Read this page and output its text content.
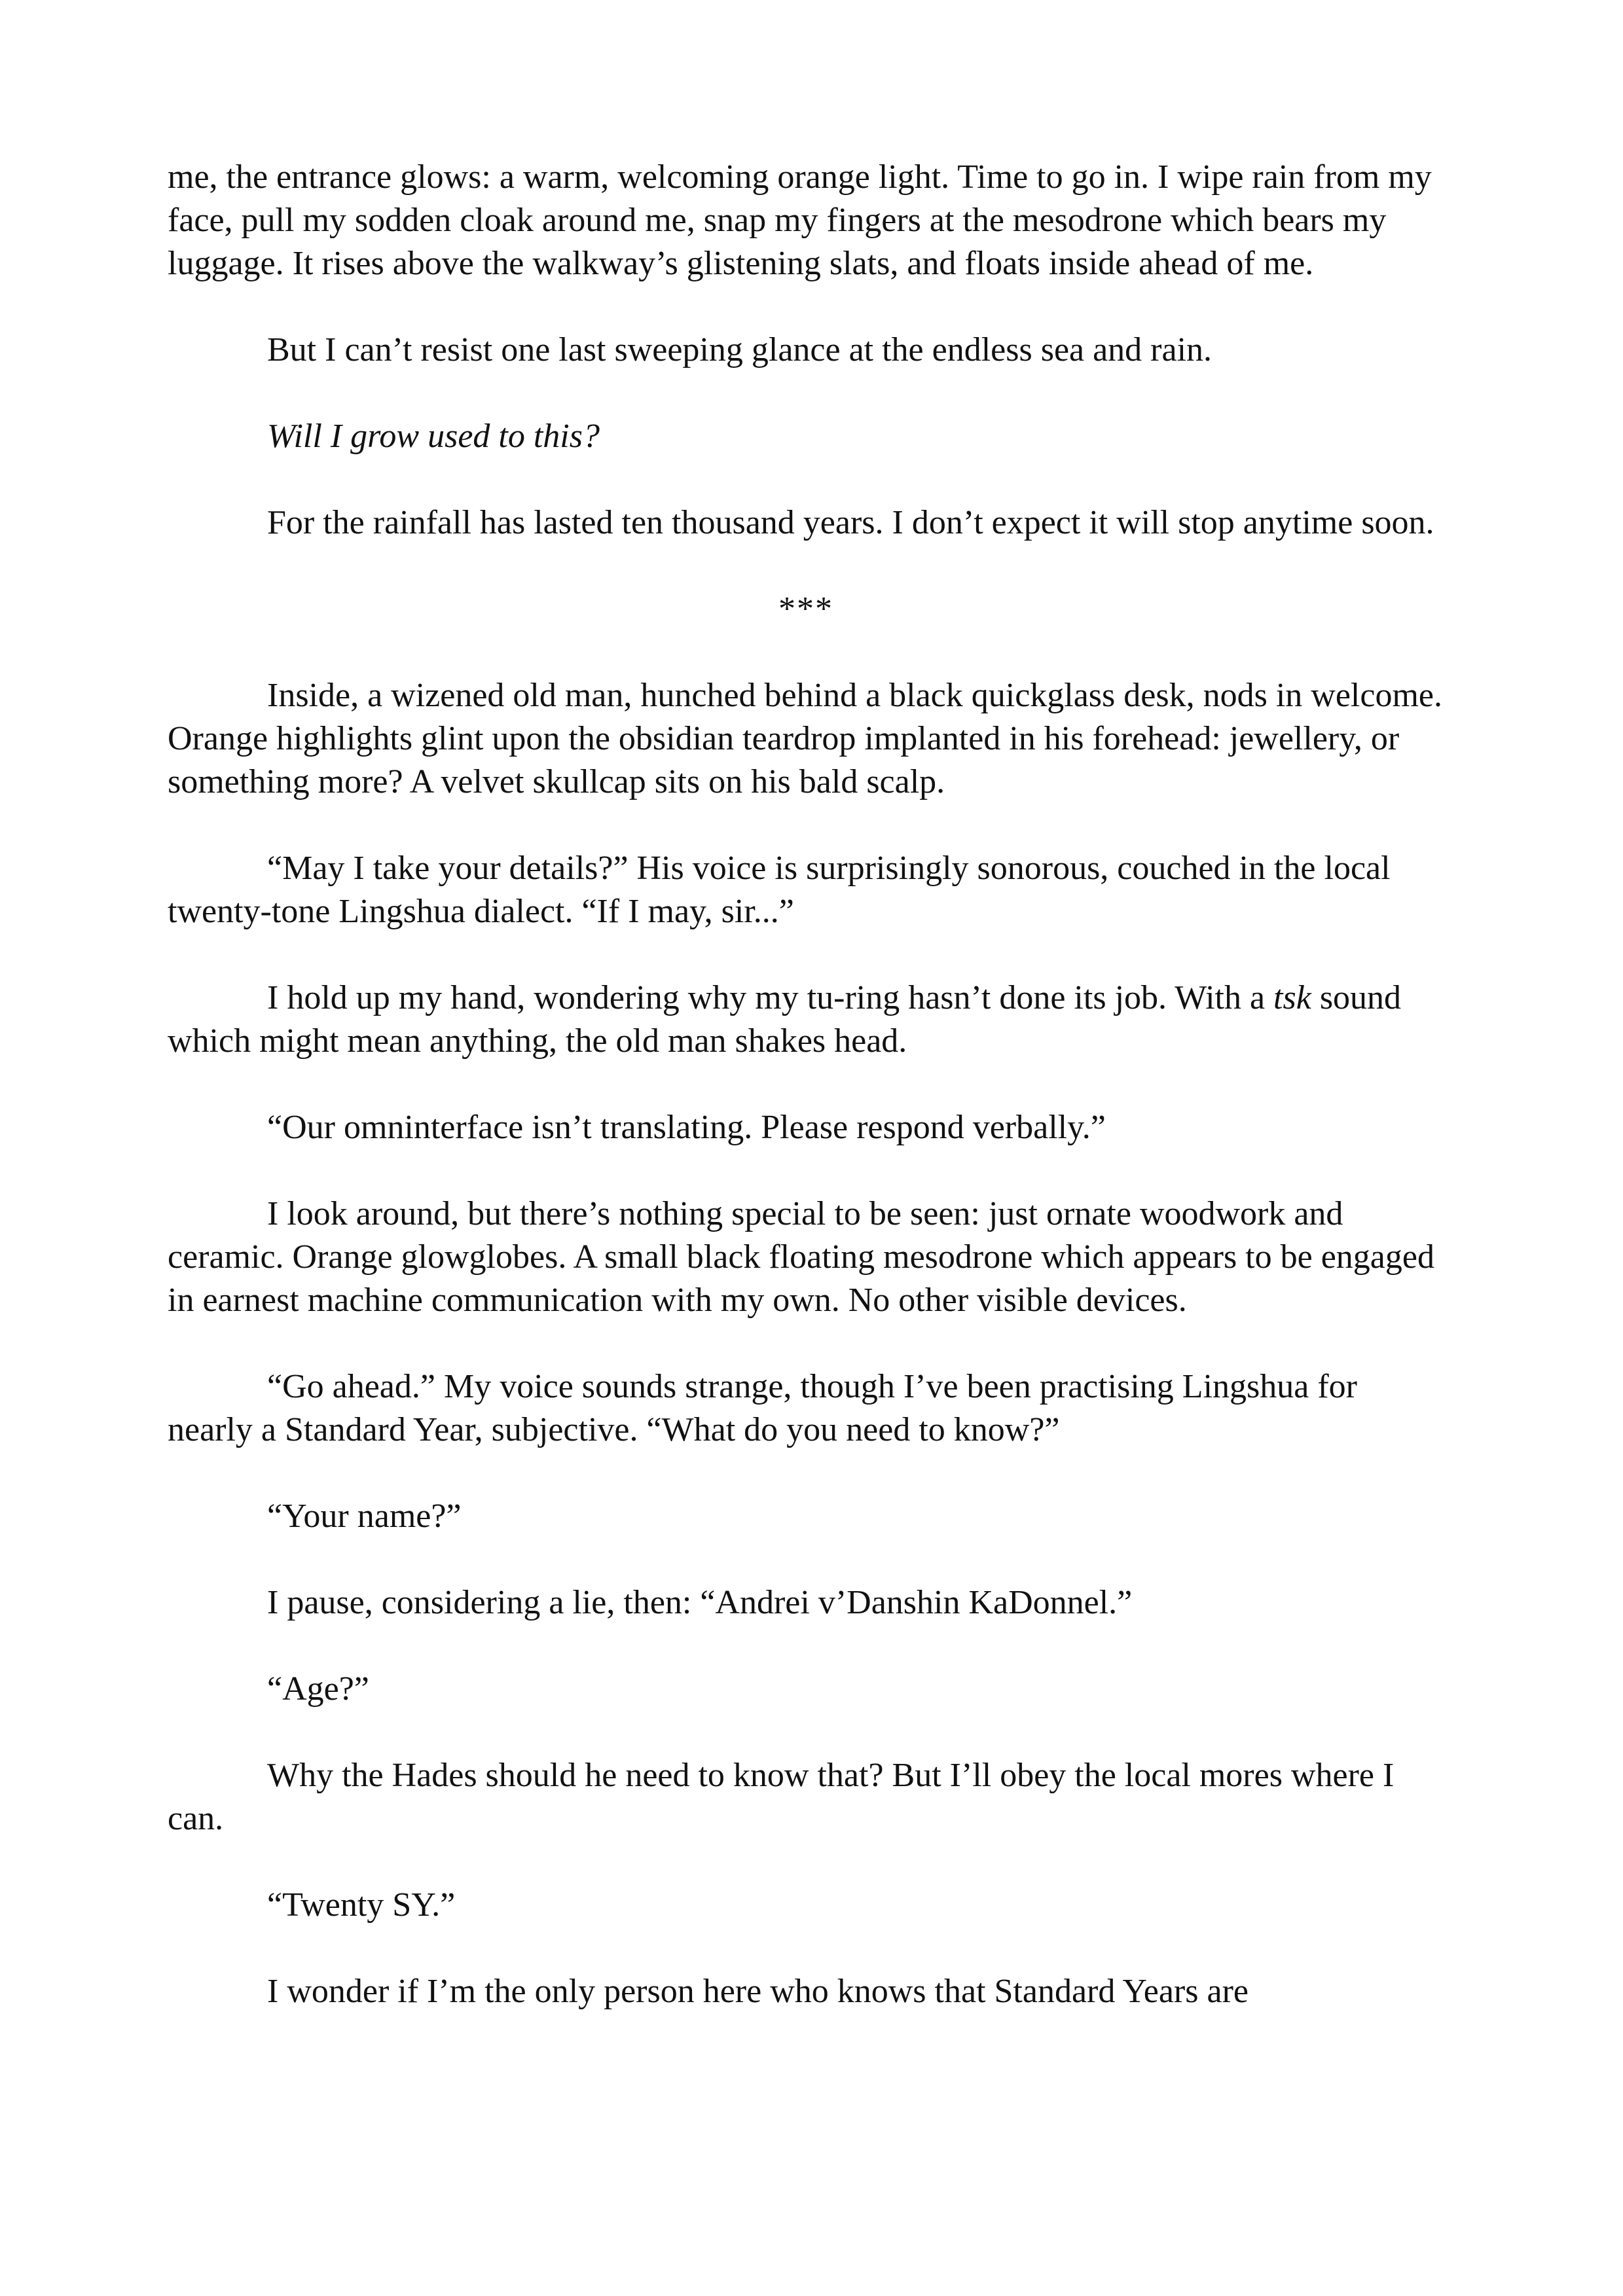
me, the entrance glows: a warm, welcoming orange light. Time to go in. I wipe rain from my face, pull my sodden cloak around me, snap my fingers at the mesodrone which bears my luggage. It rises above the walkway’s glistening slats, and floats inside ahead of me.

But I can’t resist one last sweeping glance at the endless sea and rain.

Will I grow used to this?

For the rainfall has lasted ten thousand years. I don’t expect it will stop anytime soon.

***

Inside, a wizened old man, hunched behind a black quickglass desk, nods in welcome. Orange highlights glint upon the obsidian teardrop implanted in his forehead: jewellery, or something more? A velvet skullcap sits on his bald scalp.

“May I take your details?” His voice is surprisingly sonorous, couched in the local twenty-tone Lingshua dialect. “If I may, sir...”

I hold up my hand, wondering why my tu-ring hasn’t done its job. With a tsk sound which might mean anything, the old man shakes head.

“Our omninterface isn’t translating. Please respond verbally.”

I look around, but there’s nothing special to be seen: just ornate woodwork and ceramic. Orange glowglobes. A small black floating mesodrone which appears to be engaged in earnest machine communication with my own. No other visible devices.

“Go ahead.” My voice sounds strange, though I’ve been practising Lingshua for nearly a Standard Year, subjective. “What do you need to know?”

“Your name?”

I pause, considering a lie, then: “Andrei v’Danshin KaDonnel.”

“Age?”

Why the Hades should he need to know that? But I’ll obey the local mores where I can.

“Twenty SY.”

I wonder if I’m the only person here who knows that Standard Years are
